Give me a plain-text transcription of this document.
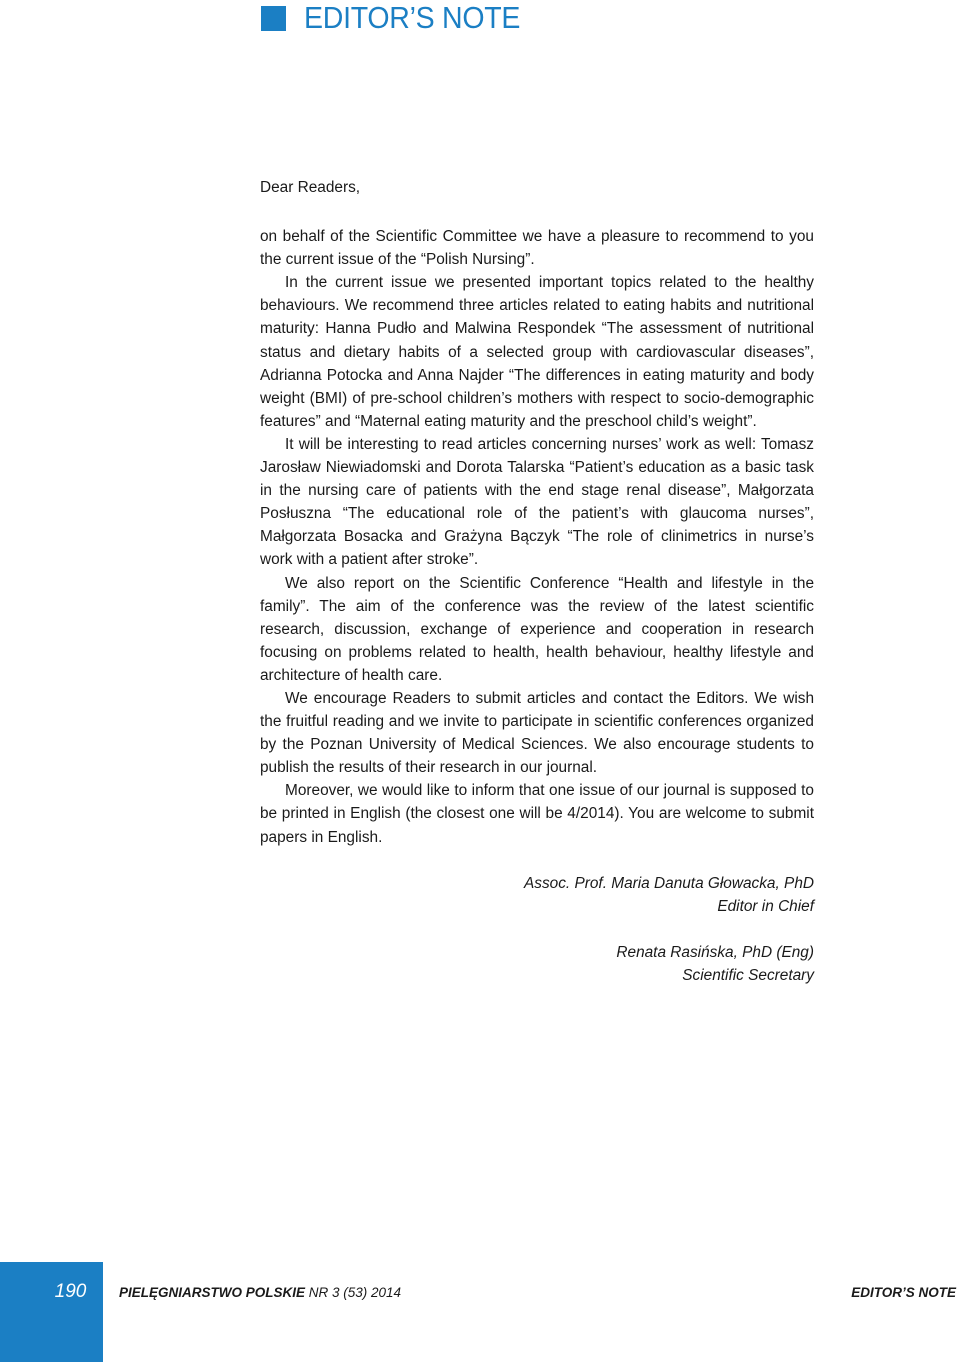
EDITOR’S NOTE

Dear Readers,

on behalf of the Scientific Committee we have a pleasure to recommend to you the current issue of the “Polish Nursing”.

In the current issue we presented important topics related to the healthy behaviours. We recommend three articles related to eating habits and nutritional maturity: Hanna Pudło and Malwina Respondek “The assessment of nutritional status and dietary habits of a selected group with cardiovascular diseases”, Adrianna Potocka and Anna Najder “The differences in eating maturity and body weight (BMI) of pre-school children’s mothers with respect to socio-demographic features” and “Maternal eating maturity and the preschool child’s weight”.

It will be interesting to read articles concerning nurses’ work as well: Tomasz Jarosław Niewiadomski and Dorota Talarska “Patient’s education as a basic task in the nursing care of patients with the end stage renal disease”, Małgorzata Posłuszna “The educational role of the patient’s with glaucoma nurses”, Małgorzata Bosacka and Grażyna Bączyk “The role of clinimetrics in nurse’s work with a patient after stroke”.

We also report on the Scientific Conference “Health and lifestyle in the family”. The aim of the conference was the review of the latest scientific research, discussion, exchange of experience and cooperation in research focusing on problems related to health, health behaviour, healthy lifestyle and architecture of health care.

We encourage Readers to submit articles and contact the Editors. We wish the fruitful reading and we invite to participate in scientific conferences organized by the Poznan University of Medical Sciences. We also encourage students to publish the results of their research in our journal.

Moreover, we would like to inform that one issue of our journal is supposed to be printed in English (the closest one will be 4/2014). You are welcome to submit papers in English.

Assoc. Prof. Maria Danuta Głowacka, PhD
Editor in Chief
Renata Rasińska, PhD (Eng)
Scientific Secretary
190	PIELĘGNIARSTWO POLSKIE NR 3 (53) 2014	EDITOR’S NOTE
